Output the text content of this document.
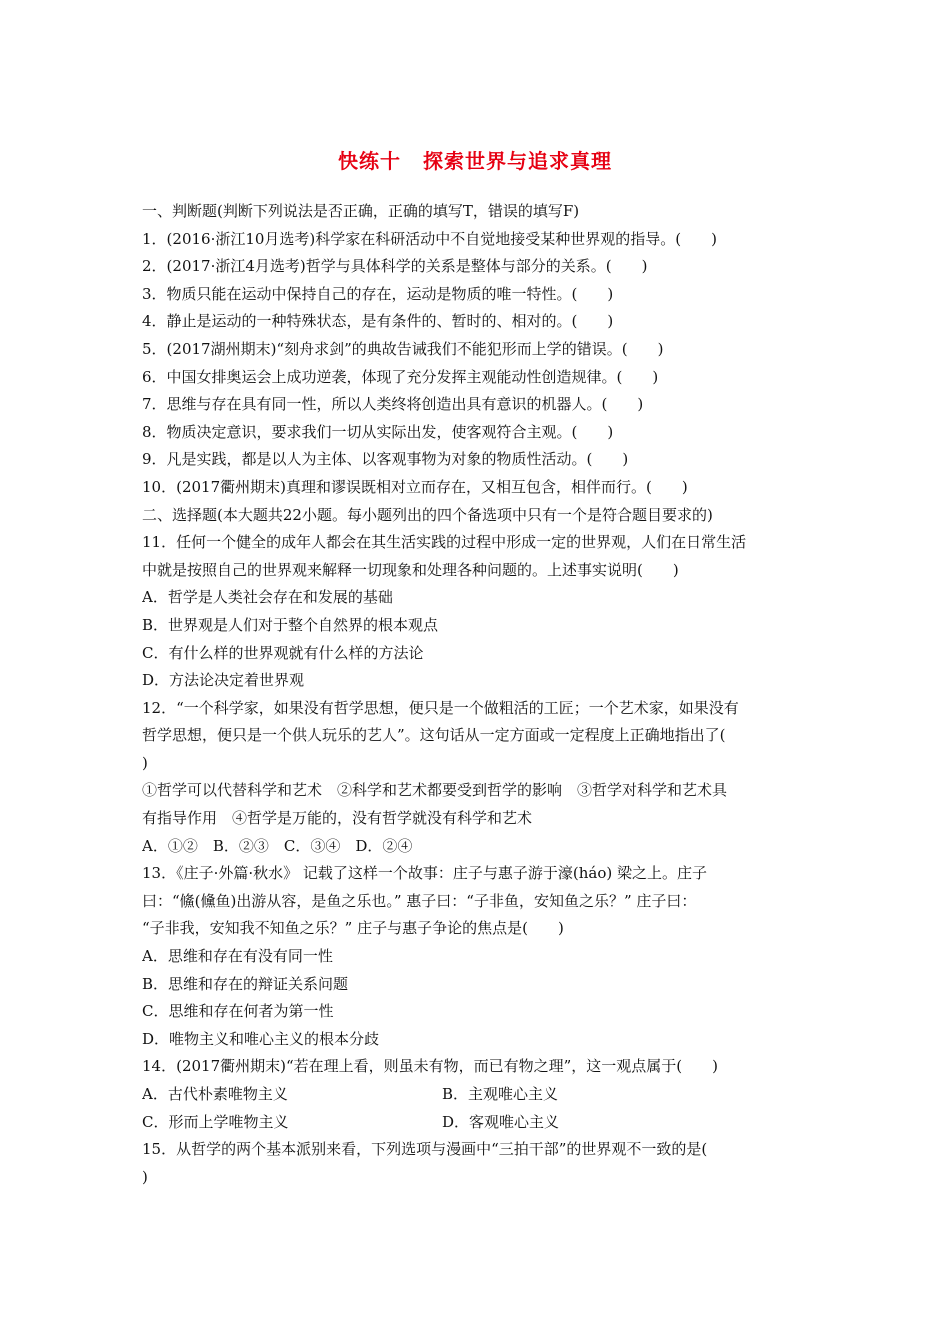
快练十 探索世界与追求真理
一、判断题(判断下列说法是否正确，正确的填写T，错误的填写F)
1．(2016·浙江10月选考)科学家在科研活动中不自觉地接受某种世界观的指导。(　　)
2．(2017·浙江4月选考)哲学与具体科学的关系是整体与部分的关系。(　　)
3．物质只能在运动中保持自己的存在，运动是物质的唯一特性。(　　)
4．静止是运动的一种特殊状态，是有条件的、暂时的、相对的。(　　)
5．(2017湖州期末)“刻舟求剑”的典故告诫我们不能犯形而上学的错误。(　　)
6．中国女排奥运会上成功逆袭，体现了充分发挥主观能动性创造规律。(　　)
7．思维与存在具有同一性，所以人类终将创造出具有意识的机器人。(　　)
8．物质决定意识，要求我们一切从实际出发，使客观符合主观。(　　)
9．凡是实践，都是以人为主体、以客观事物为对象的物质性活动。(　　)
10．(2017衢州期末)真理和谬误既相对立而存在，又相互包含，相伴而行。(　　)
二、选择题(本大题共22小题。每小题列出的四个备选项中只有一个是符合题目要求的)
11．任何一个健全的成年人都会在其生活实践的过程中形成一定的世界观，人们在日常生活
中就是按照自己的世界观来解释一切现象和处理各种问题的。上述事实说明(　　)
A．哲学是人类社会存在和发展的基础
B．世界观是人们对于整个自然界的根本观点
C．有什么样的世界观就有什么样的方法论
D．方法论决定着世界观
12．“一个科学家，如果没有哲学思想，便只是一个做粗活的工匠；一个艺术家，如果没有
哲学思想，便只是一个供人玩乐的艺人”。这句话从一定方面或一定程度上正确地指出了(
)
①哲学可以代替科学和艺术　②科学和艺术都要受到哲学的影响　③哲学对科学和艺术具
有指导作用　④哲学是万能的，没有哲学就没有科学和艺术
A．①②　B．②③　C．③④　D．②④
13．《庄子·外篇·秋水》 记载了这样一个故事：庄子与惠子游于濠(háo) 梁之上。庄子
曰：“鯈(儵鱼)出游从容，是鱼之乐也。” 惠子曰：“子非鱼，安知鱼之乐？” 庄子曰：
“子非我，安知我不知鱼之乐？” 庄子与惠子争论的焦点是(　　)
A．思维和存在有没有同一性
B．思维和存在的辩证关系问题
C．思维和存在何者为第一性
D．唯物主义和唯心主义的根本分歧
14．(2017衢州期末)“若在理上看，则虽未有物，而已有物之理”，这一观点属于(　　)
A．古代朴素唯物主义	B．主观唯心主义
C．形而上学唯物主义	D．客观唯心主义
15．从哲学的两个基本派别来看，下列选项与漫画中“三拍干部”的世界观不一致的是(
)
